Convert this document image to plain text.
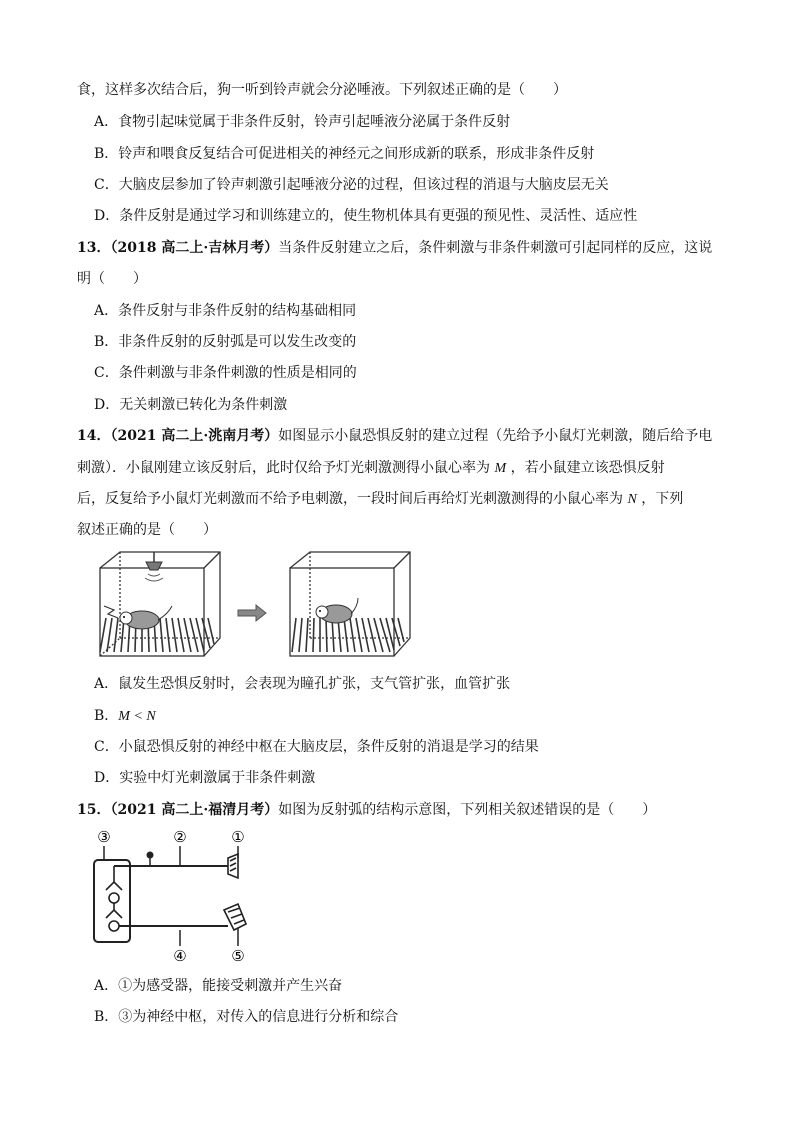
食，这样多次结合后，狗一听到铃声就会分泌唾液。下列叙述正确的是（　　）
A．食物引起味觉属于非条件反射，铃声引起唾液分泌属于条件反射
B．铃声和喂食反复结合可促进相关的神经元之间形成新的联系，形成非条件反射
C．大脑皮层参加了铃声刺激引起唾液分泌的过程，但该过程的消退与大脑皮层无关
D．条件反射是通过学习和训练建立的，使生物机体具有更强的预见性、灵活性、适应性
13．（2018 高二上·吉林月考）当条件反射建立之后，条件刺激与非条件刺激可引起同样的反应，这说
明（　　）
A．条件反射与非条件反射的结构基础相同
B．非条件反射的反射弧是可以发生改变的
C．条件刺激与非条件刺激的性质是相同的
D．无关刺激已转化为条件刺激
14．（2021 高二上·洮南月考）如图显示小鼠恐惧反射的建立过程（先给予小鼠灯光刺激，随后给予电
刺激）．小鼠刚建立该反射后，此时仅给予灯光刺激测得小鼠心率为 M ，若小鼠建立该恐惧反射
后，反复给予小鼠灯光刺激而不给予电刺激，一段时间后再给灯光刺激测得的小鼠心率为 N ，下列
叙述正确的是（　　）
A．鼠发生恐惧反射时，会表现为瞳孔扩张，支气管扩张，血管扩张
B．M < N
C．小鼠恐惧反射的神经中枢在大脑皮层，条件反射的消退是学习的结果
D．实验中灯光刺激属于非条件刺激
15．（2021 高二上·福清月考）如图为反射弧的结构示意图，下列相关叙述错误的是（　　）
③	②	①
④	⑤
A．①为感受器，能接受刺激并产生兴奋
B．③为神经中枢，对传入的信息进行分析和综合
